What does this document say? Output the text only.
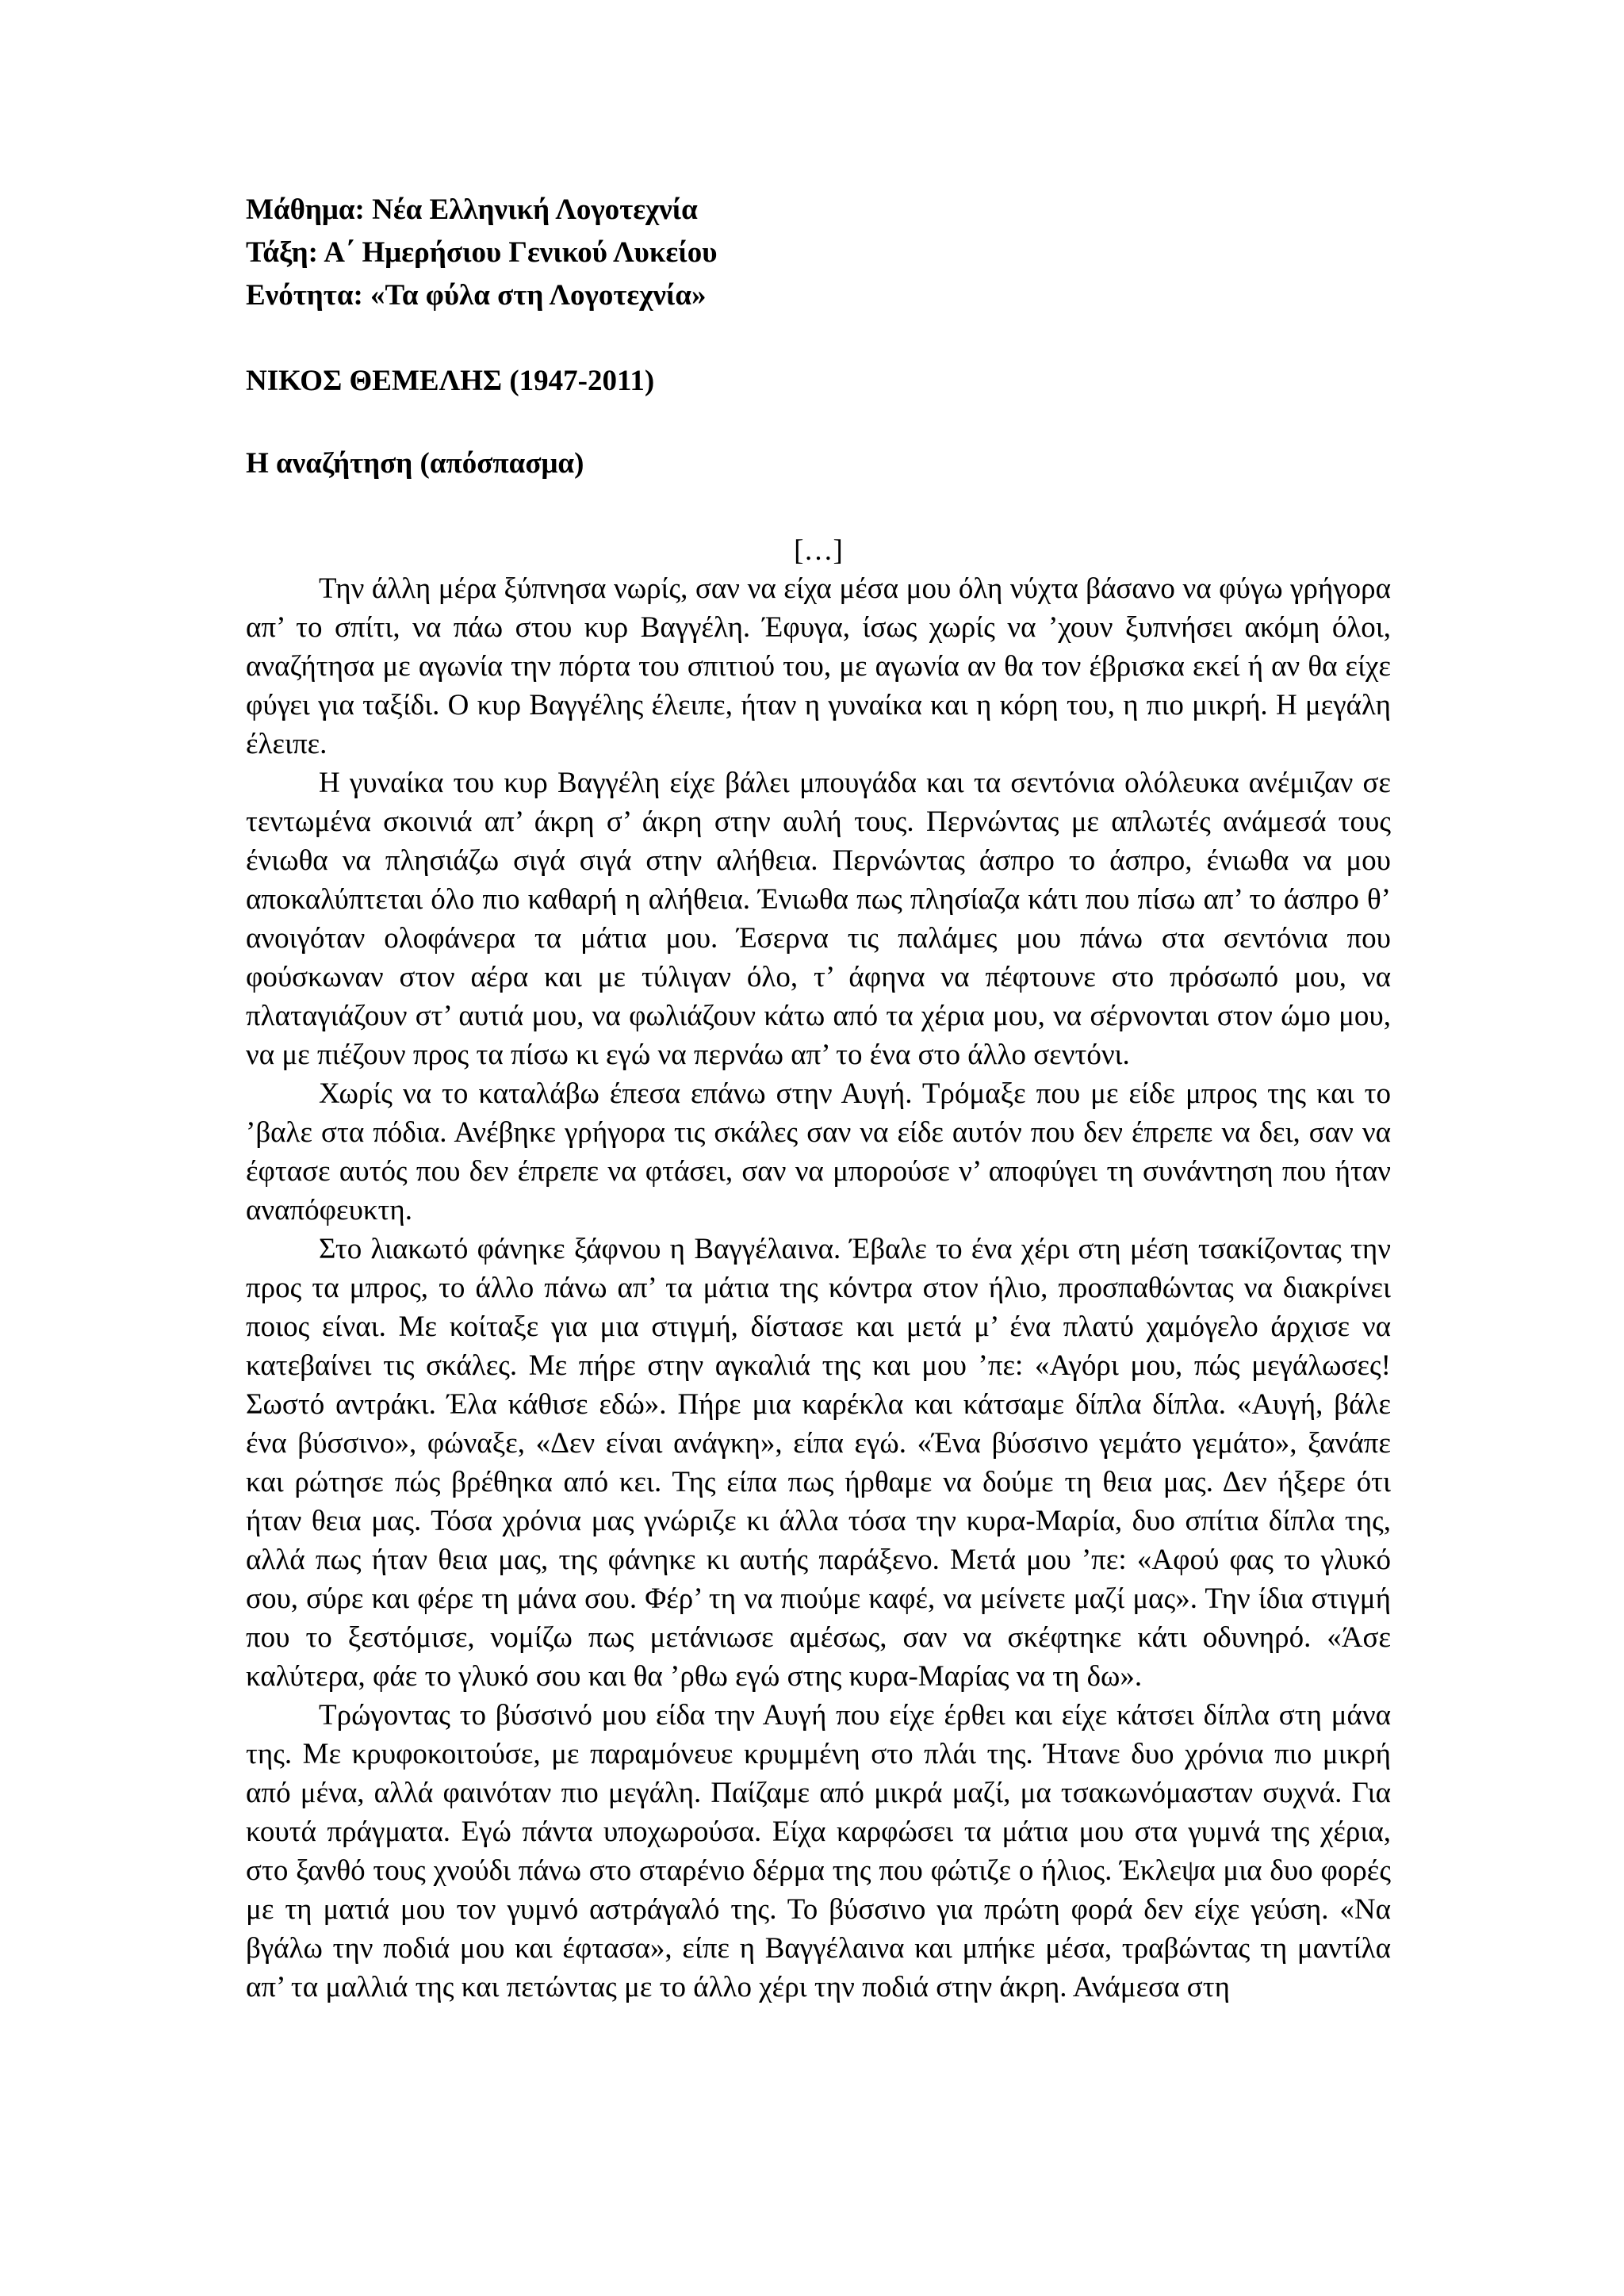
Μάθημα: Νέα Ελληνική Λογοτεχνία

Τάξη: Α΄ Ημερήσιου Γενικού Λυκείου

Ενότητα: «Τα φύλα στη Λογοτεχνία»

ΝΙΚΟΣ ΘΕΜΕΛΗΣ (1947-2011)

Η αναζήτηση (απόσπασμα)

[…]

Την άλλη μέρα ξύπνησα νωρίς, σαν να είχα μέσα μου όλη νύχτα βάσανο να φύγω γρήγορα απ’ το σπίτι, να πάω στου κυρ Βαγγέλη. Έφυγα, ίσως χωρίς να ’χουν ξυπνήσει ακόμη όλοι, αναζήτησα με αγωνία την πόρτα του σπιτιού του, με αγωνία αν θα τον έβρισκα εκεί ή αν θα είχε φύγει για ταξίδι. Ο κυρ Βαγγέλης έλειπε, ήταν η γυναίκα και η κόρη του, η πιο μικρή. Η μεγάλη έλειπε.

Η γυναίκα του κυρ Βαγγέλη είχε βάλει μπουγάδα και τα σεντόνια ολόλευκα ανέμιζαν σε τεντωμένα σκοινιά απ’ άκρη σ’ άκρη στην αυλή τους. Περνώντας με απλωτές ανάμεσά τους ένιωθα να πλησιάζω σιγά σιγά στην αλήθεια. Περνώντας άσπρο το άσπρο, ένιωθα να μου αποκαλύπτεται όλο πιο καθαρή η αλήθεια. Ένιωθα πως πλησίαζα κάτι που πίσω απ’ το άσπρο θ’ ανοιγόταν ολοφάνερα τα μάτια μου. Έσερνα τις παλάμες μου πάνω στα σεντόνια που φούσκωναν στον αέρα και με τύλιγαν όλο, τ’ άφηνα να πέφτουνε στο πρόσωπό μου, να πλαταγιάζουν στ’ αυτιά μου, να φωλιάζουν κάτω από τα χέρια μου, να σέρνονται στον ώμο μου, να με πιέζουν προς τα πίσω κι εγώ να περνάω απ’ το ένα στο άλλο σεντόνι.

Χωρίς να το καταλάβω έπεσα επάνω στην Αυγή. Τρόμαξε που με είδε μπρος της και το ’βαλε στα πόδια. Ανέβηκε γρήγορα τις σκάλες σαν να είδε αυτόν που δεν έπρεπε να δει, σαν να έφτασε αυτός που δεν έπρεπε να φτάσει, σαν να μπορούσε ν’ αποφύγει τη συνάντηση που ήταν αναπόφευκτη.

Στο λιακωτό φάνηκε ξάφνου η Βαγγέλαινα. Έβαλε το ένα χέρι στη μέση τσακίζοντας την προς τα μπρος, το άλλο πάνω απ’ τα μάτια της κόντρα στον ήλιο, προσπαθώντας να διακρίνει ποιος είναι. Με κοίταξε για μια στιγμή, δίστασε και μετά μ’ ένα πλατύ χαμόγελο άρχισε να κατεβαίνει τις σκάλες. Με πήρε στην αγκαλιά της και μου ’πε: «Αγόρι μου, πώς μεγάλωσες! Σωστό αντράκι. Έλα κάθισε εδώ». Πήρε μια καρέκλα και κάτσαμε δίπλα δίπλα. «Αυγή, βάλε ένα βύσσινο», φώναξε, «Δεν είναι ανάγκη», είπα εγώ. «Ένα βύσσινο γεμάτο γεμάτο», ξανάπε και ρώτησε πώς βρέθηκα από κει. Της είπα πως ήρθαμε να δούμε τη θεια μας. Δεν ήξερε ότι ήταν θεια μας. Τόσα χρόνια μας γνώριζε κι άλλα τόσα την κυρα-Μαρία, δυο σπίτια δίπλα της, αλλά πως ήταν θεια μας, της φάνηκε κι αυτής παράξενο. Μετά μου ’πε: «Αφού φας το γλυκό σου, σύρε και φέρε τη μάνα σου. Φέρ’ τη να πιούμε καφέ, να μείνετε μαζί μας». Την ίδια στιγμή που το ξεστόμισε, νομίζω πως μετάνιωσε αμέσως, σαν να σκέφτηκε κάτι οδυνηρό. «Άσε καλύτερα, φάε το γλυκό σου και θα ’ρθω εγώ στης κυρα-Μαρίας να τη δω».

Τρώγοντας το βύσσινό μου είδα την Αυγή που είχε έρθει και είχε κάτσει δίπλα στη μάνα της. Με κρυφοκοιτούσε, με παραμόνευε κρυμμένη στο πλάι της. Ήτανε δυο χρόνια πιο μικρή από μένα, αλλά φαινόταν πιο μεγάλη. Παίζαμε από μικρά μαζί, μα τσακωνόμασταν συχνά. Για κουτά πράγματα. Εγώ πάντα υποχωρούσα. Είχα καρφώσει τα μάτια μου στα γυμνά της χέρια, στο ξανθό τους χνούδι πάνω στο σταρένιο δέρμα της που φώτιζε ο ήλιος. Έκλεψα μια δυο φορές με τη ματιά μου τον γυμνό αστράγαλό της. Το βύσσινο για πρώτη φορά δεν είχε γεύση. «Να βγάλω την ποδιά μου και έφτασα», είπε η Βαγγέλαινα και μπήκε μέσα, τραβώντας τη μαντίλα απ’ τα μαλλιά της και πετώντας με το άλλο χέρι την ποδιά στην άκρη. Ανάμεσα στη
